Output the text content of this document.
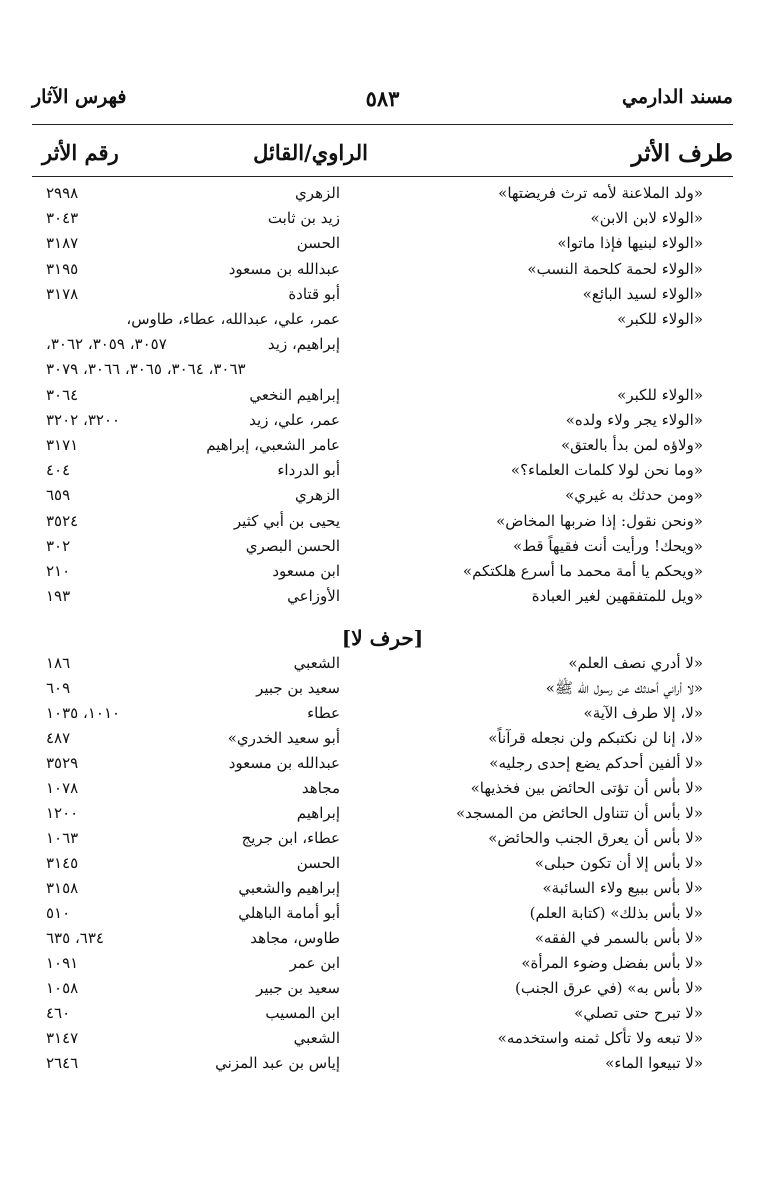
مسند الدارمي
٥٨٣
فهرس الآثار
طرف الأثر
الراوي/القائل
رقم الأثر
«ولد الملاعنة لأمه ترث فريضتها»
الزهري
٢٩٩٨
«الولاء لابن الابن»
زيد بن ثابت
٣٠٤٣
«الولاء لبنيها فإذا ماتوا»
الحسن
٣١٨٧
«الولاء لحمة كلحمة النسب»
عبدالله بن مسعود
٣١٩٥
«الولاء لسيد البائع»
أبو قتادة
٣١٧٨
«الولاء للكبر»
عمر، علي، عبدالله، عطاء، طاوس،
إبراهيم، زيد
٣٠٥٧، ٣٠٥٩، ٣٠٦٢،
٣٠٦٣، ٣٠٦٤، ٣٠٦٥، ٣٠٦٦، ٣٠٧٩
«الولاء للكبر»
إبراهيم النخعي
٣٠٦٤
«الولاء يجر ولاء ولده»
عمر، علي، زيد
٣٢٠٠، ٣٢٠٢
«ولاؤه لمن بدأ بالعتق»
عامر الشعبي، إبراهيم
٣١٧١
«وما نحن لولا كلمات العلماء؟»
أبو الدرداء
٤٠٤
«ومن حدثك به غيري»
الزهري
٦٥٩
«ونحن نقول: إذا ضربها المخاض»
يحيى بن أبي كثير
٣٥٢٤
«ويحك! ورأيت أنت فقيهاً قط»
الحسن البصري
٣٠٢
«ويحكم يا أمة محمد ما أسرع هلكتكم»
ابن مسعود
٢١٠
«ويل للمتفقهين لغير العبادة
الأوزاعي
١٩٣
[حرف لا]
«لا أدري نصف العلم»
الشعبي
١٨٦
«لا أراني أحدثك عن رسول الله ﷺ»
سعيد بن جبير
٦٠٩
«لا، إلا طرف الآية»
عطاء
١٠١٠، ١٠٣٥
«لا، إنا لن نكتبكم ولن نجعله قرآناً»
أبو سعيد الخدري»
٤٨٧
«لا ألفين أحدكم يضع إحدى رجليه»
عبدالله بن مسعود
٣٥٢٩
«لا بأس أن تؤتى الحائض بين فخذيها»
مجاهد
١٠٧٨
«لا بأس أن تتناول الحائض من المسجد»
إبراهيم
١٢٠٠
«لا بأس أن يعرق الجنب والحائض»
عطاء، ابن جريج
١٠٦٣
«لا بأس إلا أن تكون حبلى»
الحسن
٣١٤٥
«لا بأس ببيع ولاء السائبة»
إبراهيم والشعبي
٣١٥٨
«لا بأس بذلك» (كتابة العلم)
أبو أمامة الباهلي
٥١٠
«لا بأس بالسمر في الفقه»
طاوس، مجاهد
٦٣٤، ٦٣٥
«لا بأس بفضل وضوء المرأة»
ابن عمر
١٠٩١
«لا بأس به» (في عرق الجنب)
سعيد بن جبير
١٠٥٨
«لا تبرح حتى تصلي»
ابن المسيب
٤٦٠
«لا تبعه ولا تأكل ثمنه واستخدمه»
الشعبي
٣١٤٧
«لا تبيعوا الماء»
إياس بن عبد المزني
٢٦٤٦
